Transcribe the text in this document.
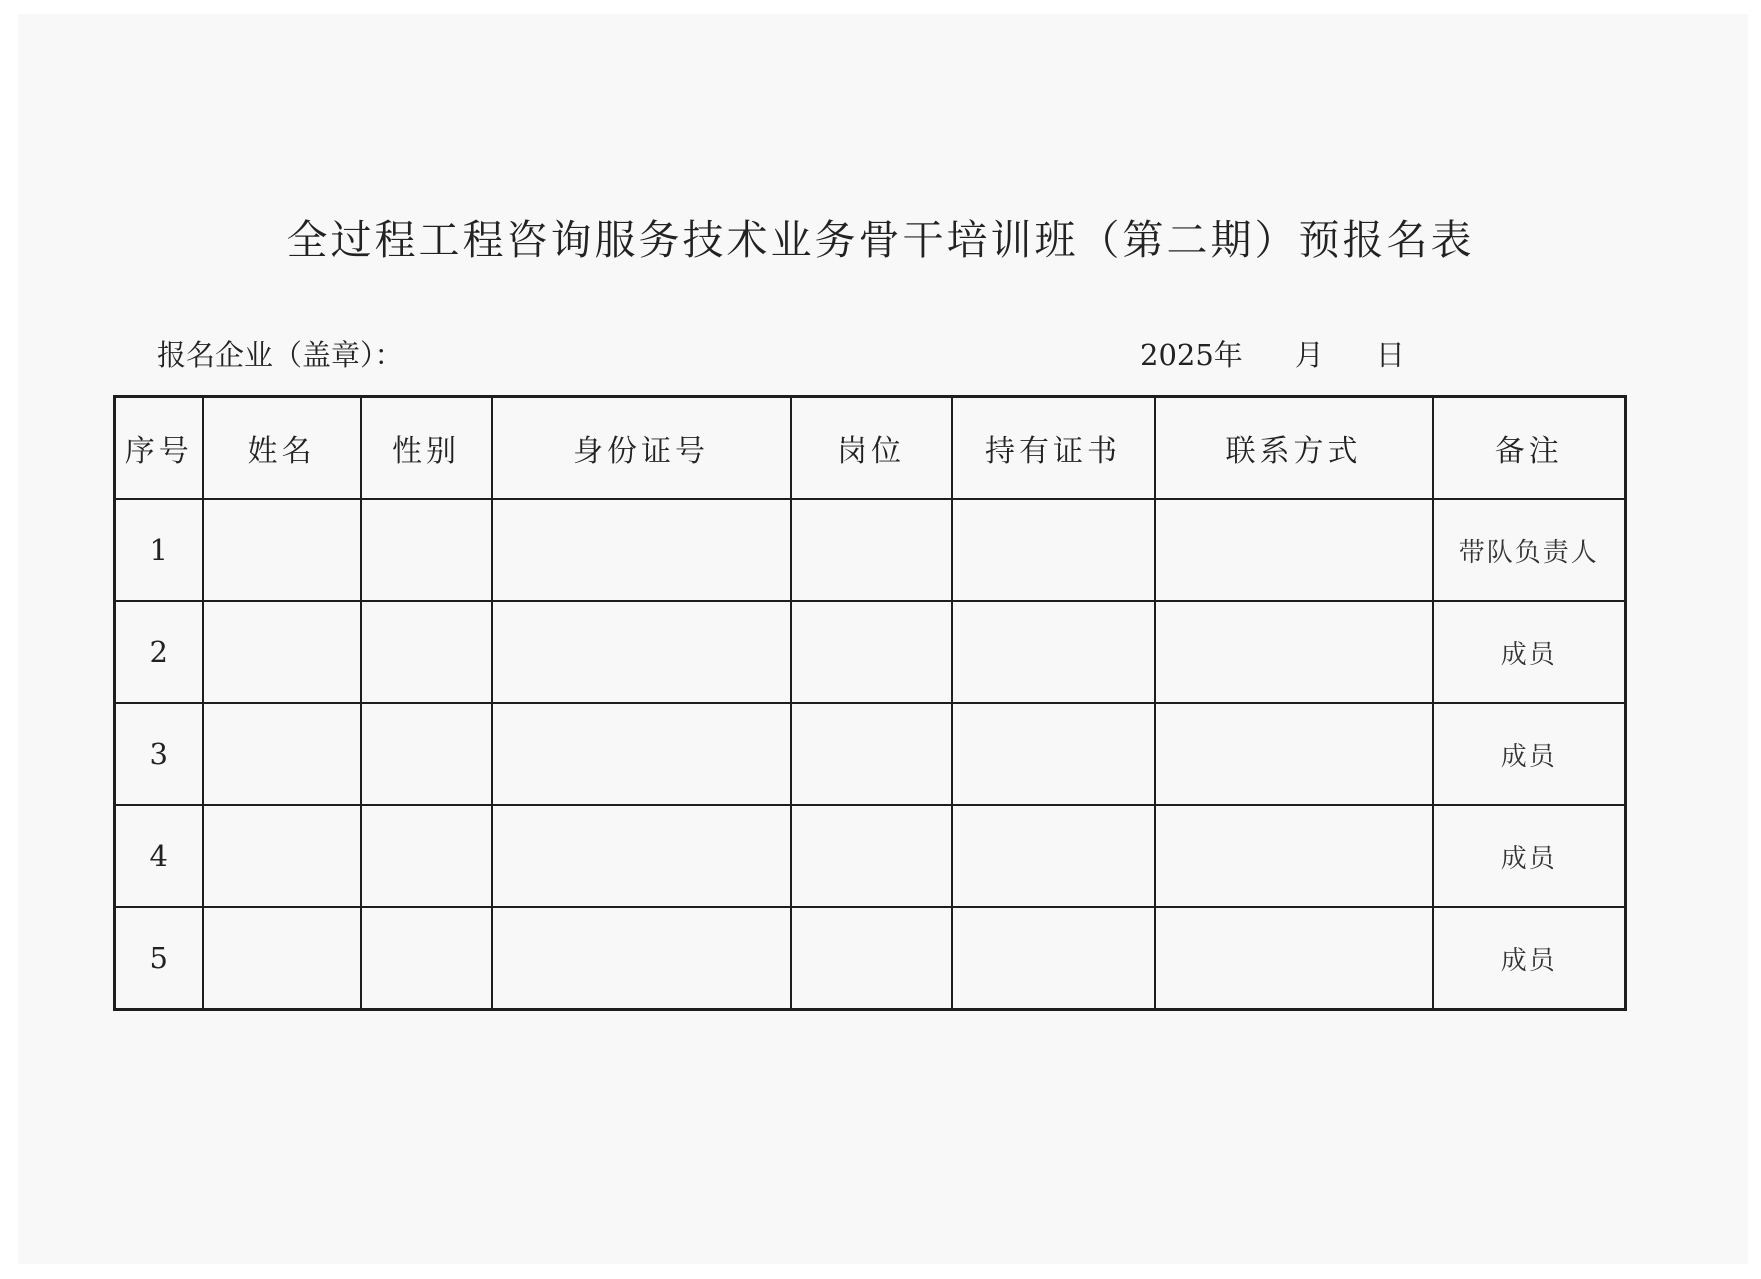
全过程工程咨询服务技术业务骨干培训班（第二期）预报名表
报名企业（盖章）：	2025年 月 日
序号	姓名	性别	身份证号	岗位	持有证书	联系方式	备注
1							带队负责人
2							成员
3							成员
4							成员
5							成员
